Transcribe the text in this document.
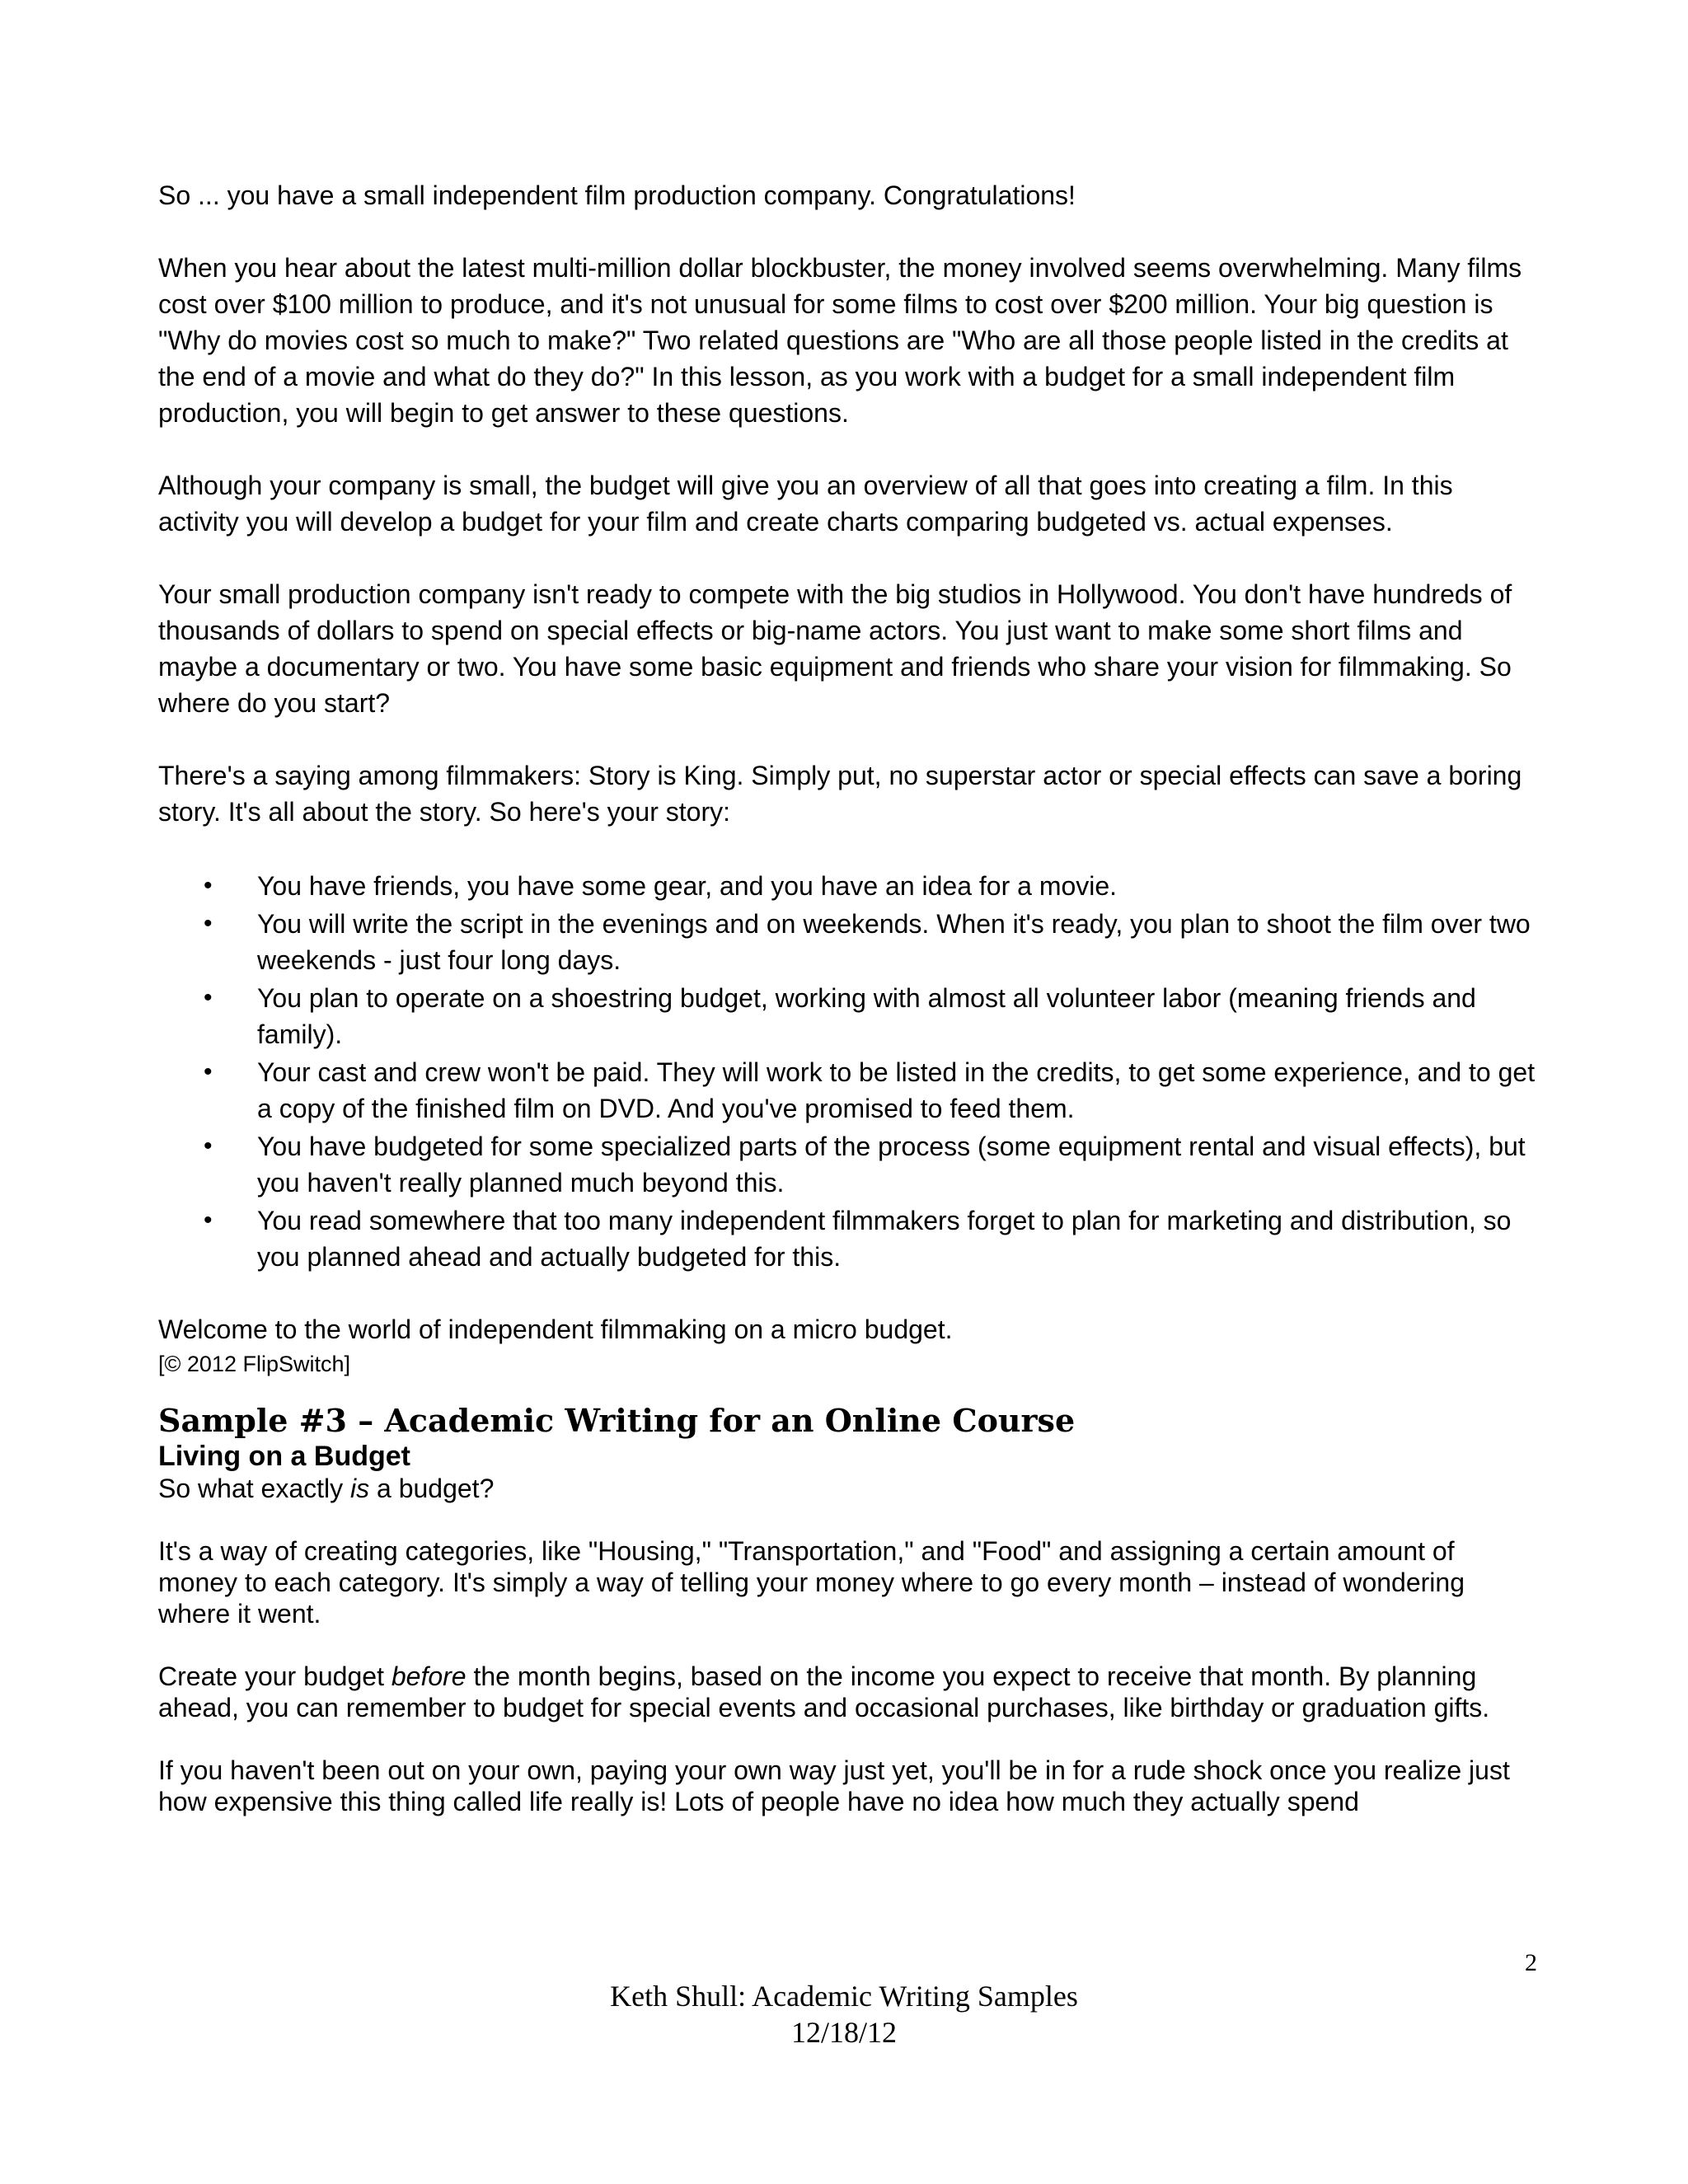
So ... you have a small independent film production company. Congratulations!

When you hear about the latest multi-million dollar blockbuster, the money involved seems overwhelming. Many films cost over $100 million to produce, and it's not unusual for some films to cost over $200 million. Your big question is "Why do movies cost so much to make?" Two related questions are "Who are all those people listed in the credits at the end of a movie and what do they do?" In this lesson, as you work with a budget for a small independent film production, you will begin to get answer to these questions.

Although your company is small, the budget will give you an overview of all that goes into creating a film. In this activity you will develop a budget for your film and create charts comparing budgeted vs. actual expenses.

Your small production company isn't ready to compete with the big studios in Hollywood. You don't have hundreds of thousands of dollars to spend on special effects or big-name actors. You just want to make some short films and maybe a documentary or two. You have some basic equipment and friends who share your vision for filmmaking. So where do you start?

There's a saying among filmmakers: Story is King. Simply put, no superstar actor or special effects can save a boring story. It's all about the story. So here's your story:

• You have friends, you have some gear, and you have an idea for a movie.
• You will write the script in the evenings and on weekends. When it's ready, you plan to shoot the film over two weekends - just four long days.
• You plan to operate on a shoestring budget, working with almost all volunteer labor (meaning friends and family).
• Your cast and crew won't be paid. They will work to be listed in the credits, to get some experience, and to get a copy of the finished film on DVD. And you've promised to feed them.
• You have budgeted for some specialized parts of the process (some equipment rental and visual effects), but you haven't really planned much beyond this.
• You read somewhere that too many independent filmmakers forget to plan for marketing and distribution, so you planned ahead and actually budgeted for this.

Welcome to the world of independent filmmaking on a micro budget.

[© 2012 FlipSwitch]

Sample #3 – Academic Writing for an Online Course
Living on a Budget

So what exactly is a budget?

It's a way of creating categories, like "Housing," "Transportation," and "Food" and assigning a certain amount of money to each category. It's simply a way of telling your money where to go every month – instead of wondering where it went.

Create your budget before the month begins, based on the income you expect to receive that month. By planning ahead, you can remember to budget for special events and occasional purchases, like birthday or graduation gifts.

If you haven't been out on your own, paying your own way just yet, you'll be in for a rude shock once you realize just how expensive this thing called life really is! Lots of people have no idea how much they actually spend

2
Keth Shull: Academic Writing Samples
12/18/12
